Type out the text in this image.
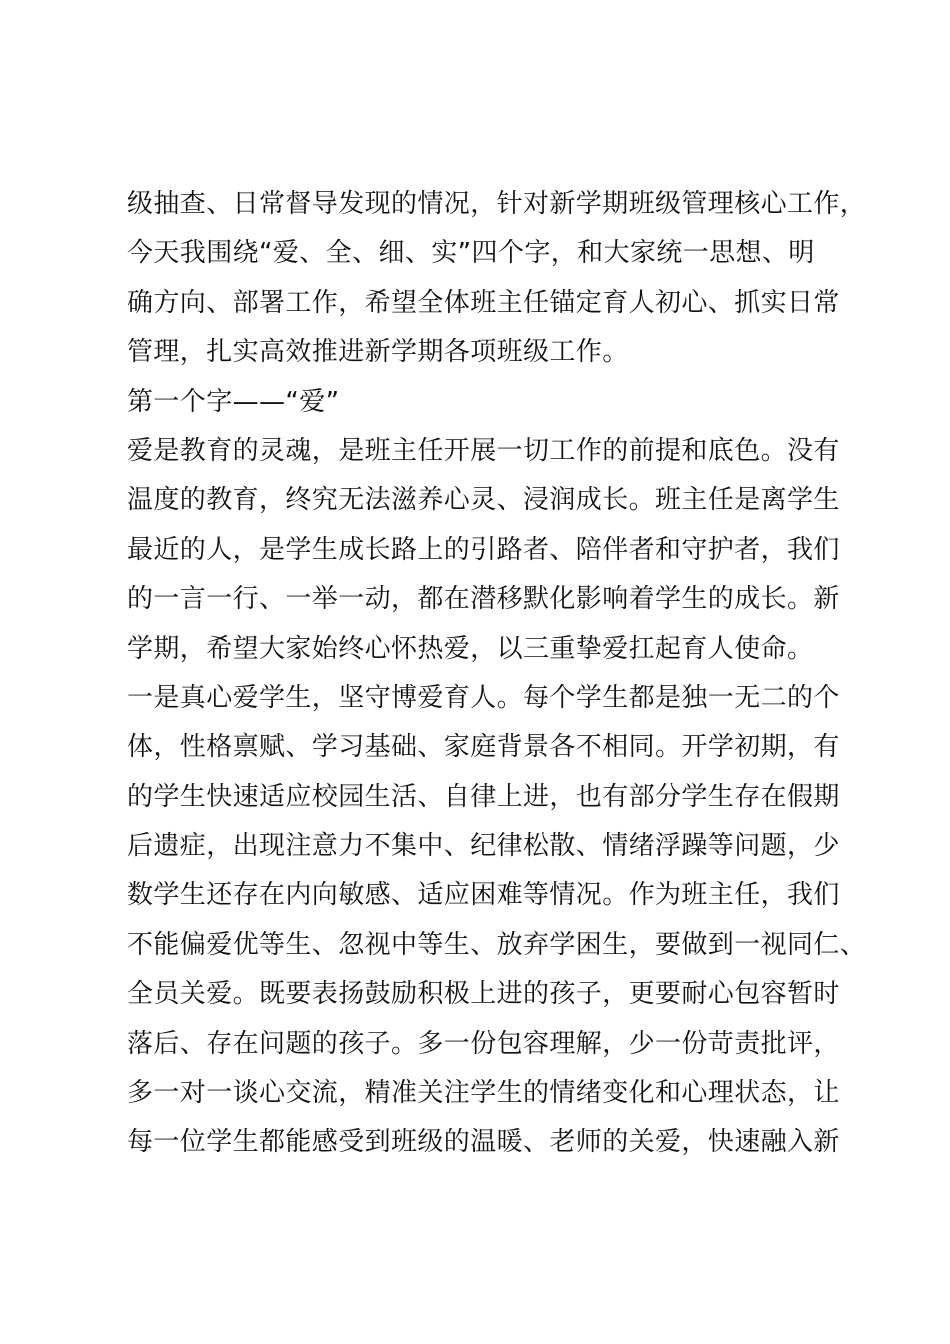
级抽查、日常督导发现的情况，针对新学期班级管理核心工作，
今天我围绕“爱、全、细、实”四个字，和大家统一思想、明
确方向、部署工作，希望全体班主任锚定育人初心、抓实日常
管理，扎实高效推进新学期各项班级工作。
第一个字——“爱”
爱是教育的灵魂，是班主任开展一切工作的前提和底色。没有
温度的教育，终究无法滋养心灵、浸润成长。班主任是离学生
最近的人，是学生成长路上的引路者、陪伴者和守护者，我们
的一言一行、一举一动，都在潜移默化影响着学生的成长。新
学期，希望大家始终心怀热爱，以三重挚爱扛起育人使命。
一是真心爱学生，坚守博爱育人。每个学生都是独一无二的个
体，性格禀赋、学习基础、家庭背景各不相同。开学初期，有
的学生快速适应校园生活、自律上进，也有部分学生存在假期
后遗症，出现注意力不集中、纪律松散、情绪浮躁等问题，少
数学生还存在内向敏感、适应困难等情况。作为班主任，我们
不能偏爱优等生、忽视中等生、放弃学困生，要做到一视同仁、
全员关爱。既要表扬鼓励积极上进的孩子，更要耐心包容暂时
落后、存在问题的孩子。多一份包容理解，少一份苛责批评，
多一对一谈心交流，精准关注学生的情绪变化和心理状态，让
每一位学生都能感受到班级的温暖、老师的关爱，快速融入新
